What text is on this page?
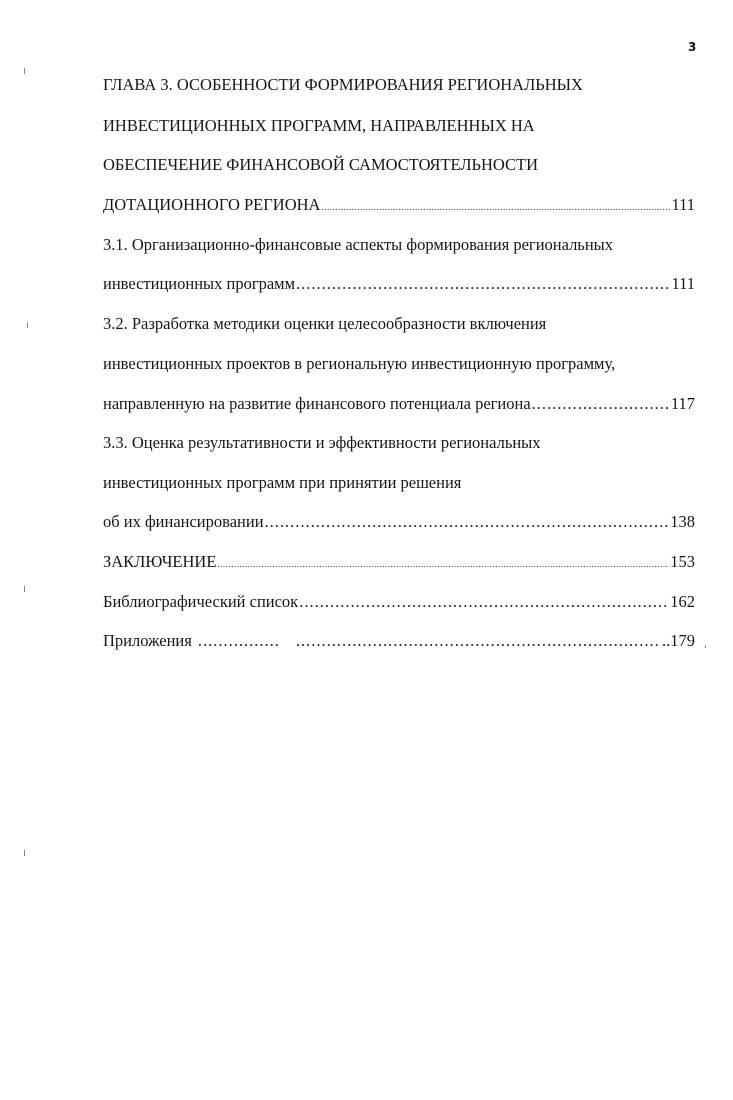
3
ГЛАВА 3. ОСОБЕННОСТИ ФОРМИРОВАНИЯ РЕГИОНАЛЬНЫХ
ИНВЕСТИЦИОННЫХ ПРОГРАММ, НАПРАВЛЕННЫХ НА
ОБЕСПЕЧЕНИЕ ФИНАНСОВОЙ САМОСТОЯТЕЛЬНОСТИ
ДОТАЦИОННОГО РЕГИОНА .....	111
3.1. Организационно-финансовые аспекты формирования региональных
инвестиционных программ .....	111
3.2. Разработка методики оценки целесообразности включения
инвестиционных проектов в региональную инвестиционную программу,
направленную на развитие финансового потенциала региона .....	117
3.3. Оценка результативности и эффективности региональных
инвестиционных программ при принятии решения
об их финансировании .....	138
ЗАКЛЮЧЕНИЕ .....	153
Библиографический список .....	162
Приложения ..... .....	..179
